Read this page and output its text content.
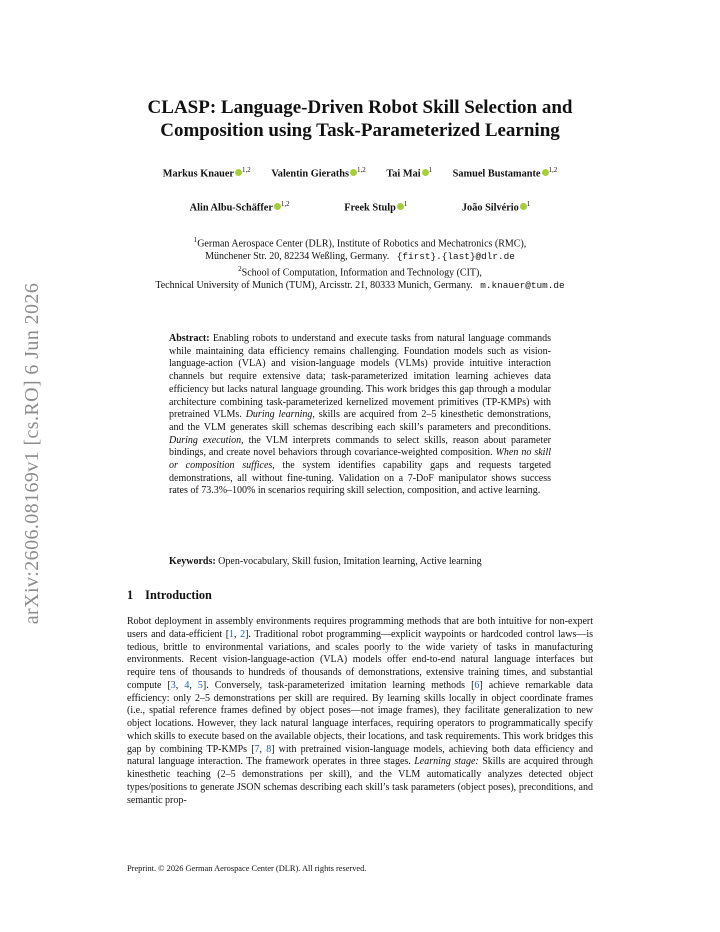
arXiv:2606.08169v1 [cs.RO] 6 Jun 2026
CLASP: Language-Driven Robot Skill Selection and
Composition using Task-Parameterized Learning
Markus Knauer $^{1,2}$ Valentin Gieraths $^{1,2}$ Tai Mai $^1$ Samuel Bustamante $^{1,2}$
Alin Albu-Schäffer $^{1,2}$	Freek Stulp $^1$	João Silvério $^1$
$^1$German Aerospace Center (DLR), Institute of Robotics and Mechatronics (RMC),
Münchener Str. 20, 82234 Weßling, Germany. {first}.{last}@dlr.de
$^2$School of Computation, Information and Technology (CIT),
Technical University of Munich (TUM), Arcisstr. 21, 80333 Munich, Germany. m.knauer@tum.de
Abstract: Enabling robots to understand and execute tasks from natural language commands while maintaining data efficiency remains challenging. Foundation models such as vision-language-action (VLA) and vision-language models (VLMs) provide intuitive interaction channels but require extensive data; task-parameterized imitation learning achieves data efficiency but lacks natural language grounding. This work bridges this gap through a modular architecture combining task-parameterized kernelized movement primitives (TP-KMPs) with pretrained VLMs. During learning, skills are acquired from 2–5 kinesthetic demonstrations, and the VLM generates skill schemas describing each skill’s parameters and preconditions. During execution, the VLM interprets commands to select skills, reason about parameter bindings, and create novel behaviors through covariance-weighted composition. When no skill or composition suffices, the system identifies capability gaps and requests targeted demonstrations, all without fine-tuning. Validation on a 7-DoF manipulator shows success rates of 73.3%–100% in scenarios requiring skill selection, composition, and active learning.
Keywords: Open-vocabulary, Skill fusion, Imitation learning, Active learning
1 Introduction
Robot deployment in assembly environments requires programming methods that are both intuitive for non-expert users and data-efficient [1, 2]. Traditional robot programming—explicit waypoints or hardcoded control laws—is tedious, brittle to environmental variations, and scales poorly to the wide variety of tasks in manufacturing environments. Recent vision-language-action (VLA) models offer end-to-end natural language interfaces but require tens of thousands to hundreds of thousands of demonstrations, extensive training times, and substantial compute [3, 4, 5]. Conversely, task-parameterized imitation learning methods [6] achieve remarkable data efficiency: only 2–5 demonstrations per skill are required. By learning skills locally in object coordinate frames (i.e., spatial reference frames defined by object poses—not image frames), they facilitate generalization to new object locations. However, they lack natural language interfaces, requiring operators to programmatically specify which skills to execute based on the available objects, their locations, and task requirements. This work bridges this gap by combining TP-KMPs [7, 8] with pretrained vision-language models, achieving both data efficiency and natural language interaction. The framework operates in three stages. Learning stage: Skills are acquired through kinesthetic teaching (2–5 demonstrations per skill), and the VLM automatically analyzes detected object types/positions to generate JSON schemas describing each skill’s task parameters (object poses), preconditions, and semantic prop-
Preprint. © 2026 German Aerospace Center (DLR). All rights reserved.
